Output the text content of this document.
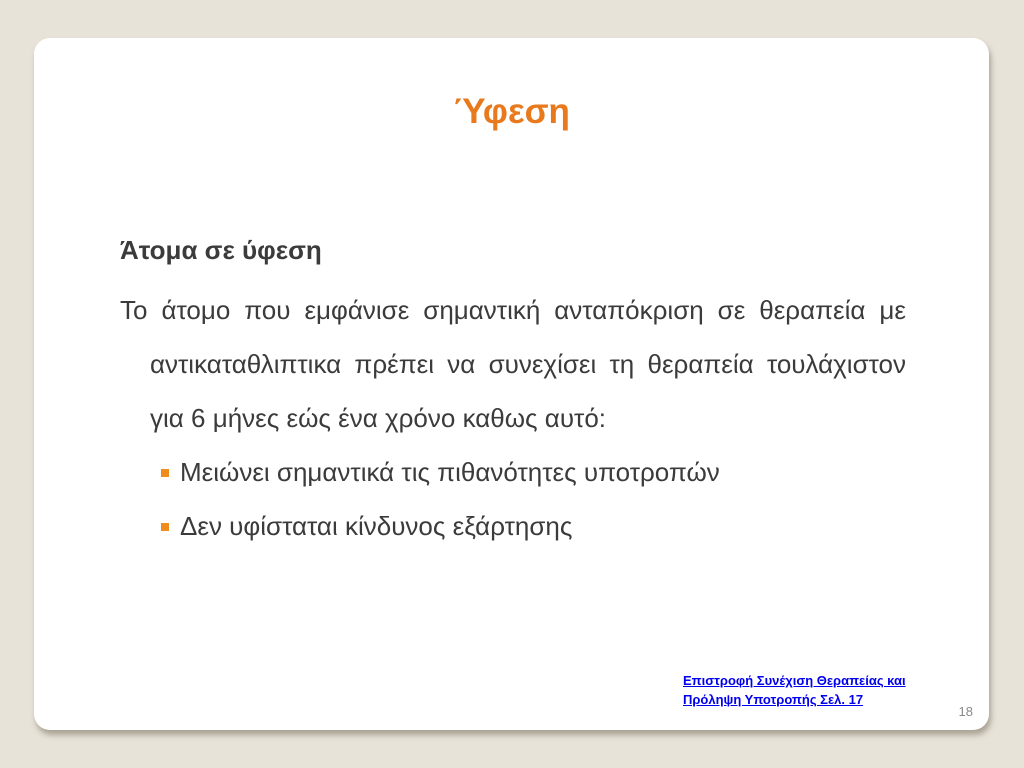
Ύφεση
Άτομα σε ύφεση

Το άτομο που εμφάνισε σημαντική ανταπόκριση σε θεραπεία με αντικαταθλιπτικα πρέπει να συνεχίσει τη θεραπεία τουλάχιστον για 6 μήνες εώς ένα χρόνο καθως αυτό:

Μειώνει σημαντικά τις πιθανότητες υποτροπών
Δεν υφίσταται κίνδυνος εξάρτησης
Επιστροφή Συνέχιση Θεραπείας και
Πρόληψη Υποτροπής Σελ. 17
18
